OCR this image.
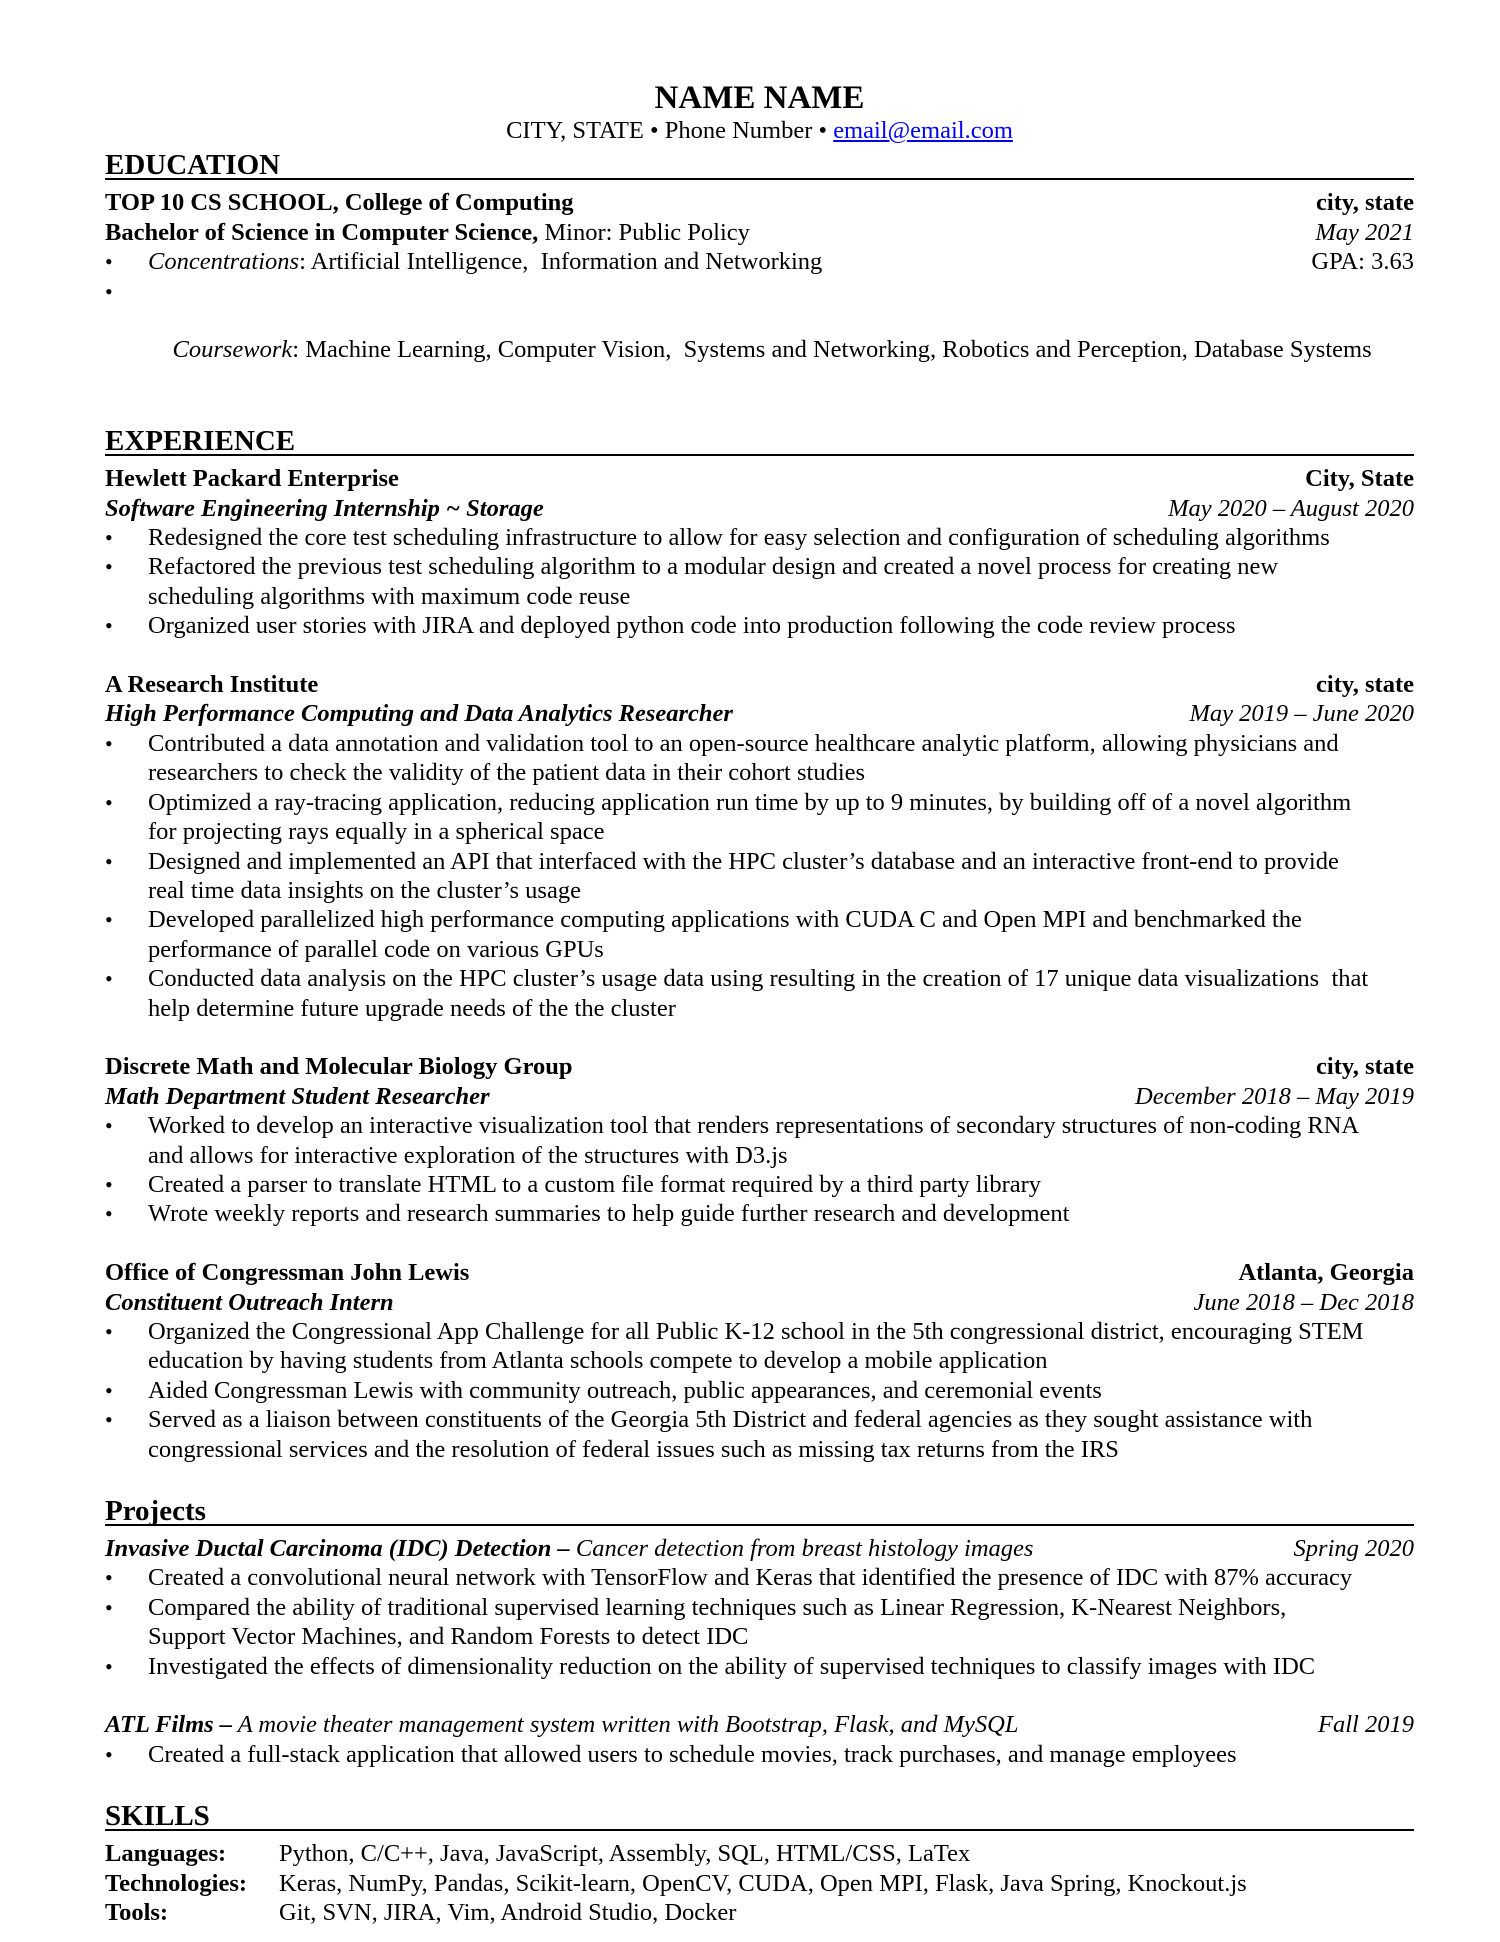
NAME NAME
CITY, STATE • Phone Number • email@email.com
EDUCATION
TOP 10 CS SCHOOL, College of Computing	city, state
Bachelor of Science in Computer Science, Minor: Public Policy	May 2021
•	Concentrations: Artificial Intelligence,  Information and Networking	GPA: 3.63

•

Coursework: Machine Learning, Computer Vision,  Systems and Networking, Robotics and Perception, Database Systems

EXPERIENCE
Hewlett Packard Enterprise	City, State
Software Engineering Internship ~ Storage	May 2020 – August 2020
•	Redesigned the core test scheduling infrastructure to allow for easy selection and configuration of scheduling algorithms
•	Refactored the previous test scheduling algorithm to a modular design and created a novel process for creating new
scheduling algorithms with maximum code reuse
•	Organized user stories with JIRA and deployed python code into production following the code review process
A Research Institute	city, state
High Performance Computing and Data Analytics Researcher	May 2019 – June 2020
•	Contributed a data annotation and validation tool to an open-source healthcare analytic platform, allowing physicians and
researchers to check the validity of the patient data in their cohort studies
•	Optimized a ray-tracing application, reducing application run time by up to 9 minutes, by building off of a novel algorithm
for projecting rays equally in a spherical space
•	Designed and implemented an API that interfaced with the HPC cluster’s database and an interactive front-end to provide
real time data insights on the cluster’s usage
•	Developed parallelized high performance computing applications with CUDA C and Open MPI and benchmarked the
performance of parallel code on various GPUs
•	Conducted data analysis on the HPC cluster’s usage data using resulting in the creation of 17 unique data visualizations  that
help determine future upgrade needs of the the cluster
Discrete Math and Molecular Biology Group	city, state
Math Department Student Researcher	December 2018 – May 2019
•	Worked to develop an interactive visualization tool that renders representations of secondary structures of non-coding RNA
and allows for interactive exploration of the structures with D3.js
•	Created a parser to translate HTML to a custom file format required by a third party library
•	Wrote weekly reports and research summaries to help guide further research and development
Office of Congressman John Lewis	Atlanta, Georgia
Constituent Outreach Intern	June 2018 – Dec 2018
•	Organized the Congressional App Challenge for all Public K-12 school in the 5th congressional district, encouraging STEM
education by having students from Atlanta schools compete to develop a mobile application
•	Aided Congressman Lewis with community outreach, public appearances, and ceremonial events
•	Served as a liaison between constituents of the Georgia 5th District and federal agencies as they sought assistance with
congressional services and the resolution of federal issues such as missing tax returns from the IRS
Projects
Invasive Ductal Carcinoma (IDC) Detection – Cancer detection from breast histology images	Spring 2020
•	Created a convolutional neural network with TensorFlow and Keras that identified the presence of IDC with 87% accuracy
•	Compared the ability of traditional supervised learning techniques such as Linear Regression, K-Nearest Neighbors,
Support Vector Machines, and Random Forests to detect IDC
•	Investigated the effects of dimensionality reduction on the ability of supervised techniques to classify images with IDC
ATL Films – A movie theater management system written with Bootstrap, Flask, and MySQL	Fall 2019
•	Created a full-stack application that allowed users to schedule movies, track purchases, and manage employees
SKILLS
Languages:	Python, C/C++, Java, JavaScript, Assembly, SQL, HTML/CSS, LaTex
Technologies:	Keras, NumPy, Pandas, Scikit-learn, OpenCV, CUDA, Open MPI, Flask, Java Spring, Knockout.js
Tools:	Git, SVN, JIRA, Vim, Android Studio, Docker
